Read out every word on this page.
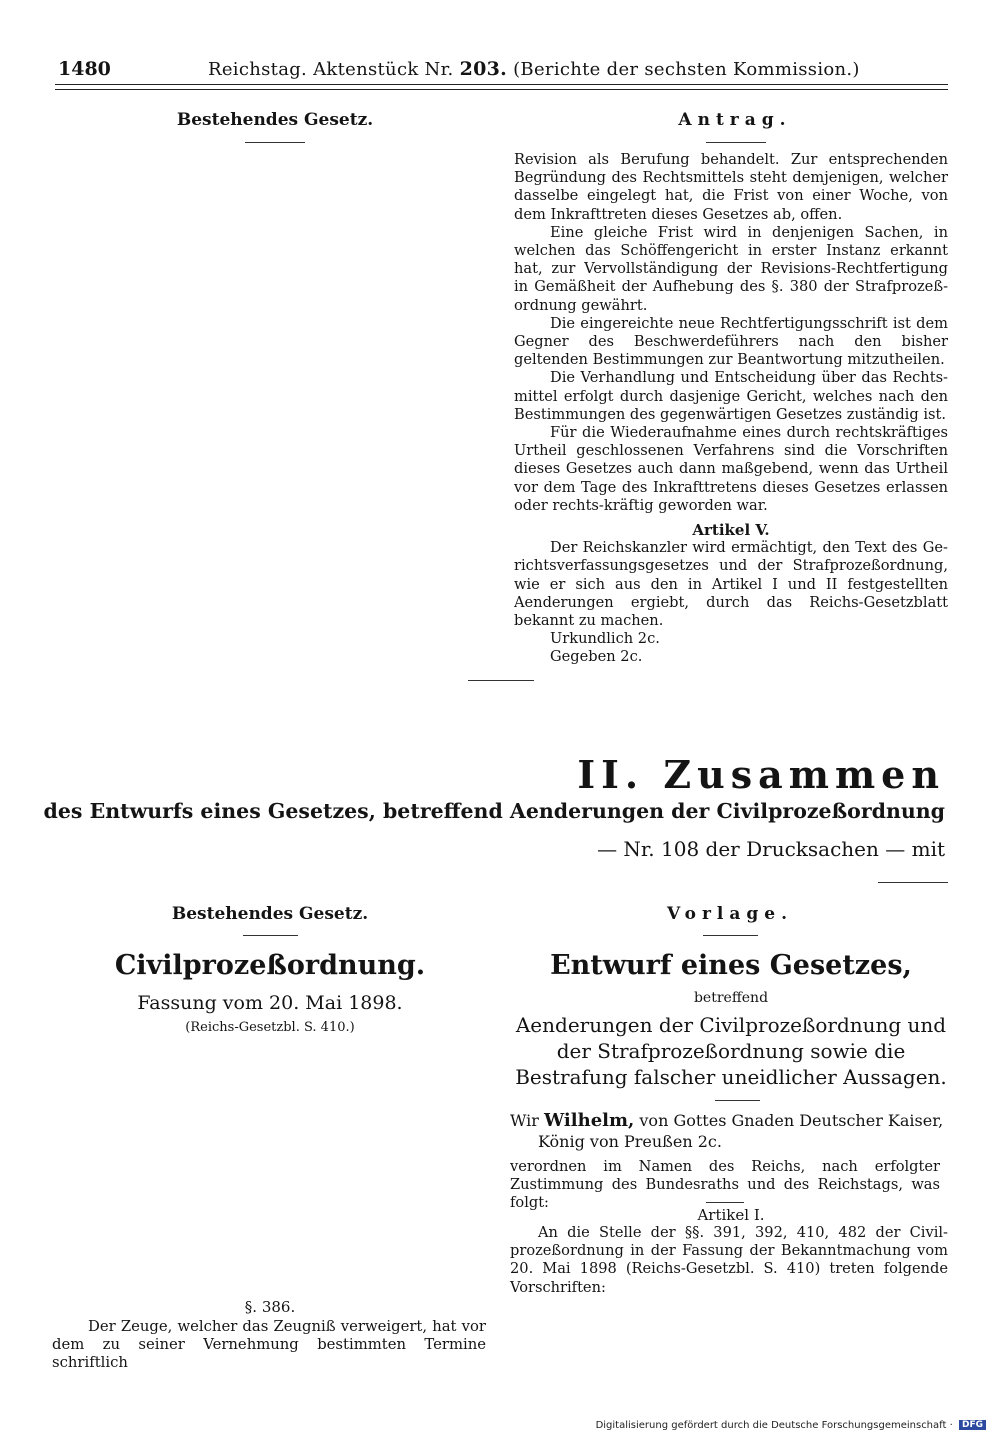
1480	Reichstag. Aktenstück Nr. 203. (Berichte der sechsten Kommission.)
Bestehendes Gesetz.	Antrag.

Revision als Berufung behandelt. Zur entsprechenden Begründung des Rechtsmittels steht demjenigen, welcher dasselbe eingelegt hat, die Frist von einer Woche, von dem Inkrafttreten dieses Gesetzes ab, offen.

Eine gleiche Frist wird in denjenigen Sachen, in welchen das Schöffengericht in erster Instanz erkannt hat, zur Vervollständigung der Revisions-Rechtfertigung in Gemäßheit der Aufhebung des §. 380 der Strafprozeß-ordnung gewährt.

Die eingereichte neue Rechtfertigungsschrift ist dem Gegner des Beschwerdeführers nach den bisher geltenden Bestimmungen zur Beantwortung mitzutheilen.

Die Verhandlung und Entscheidung über das Rechts-mittel erfolgt durch dasjenige Gericht, welches nach den Bestimmungen des gegenwärtigen Gesetzes zuständig ist.

Für die Wiederaufnahme eines durch rechtskräftiges Urtheil geschlossenen Verfahrens sind die Vorschriften dieses Gesetzes auch dann maßgebend, wenn das Urtheil vor dem Tage des Inkrafttretens dieses Gesetzes erlassen oder rechts-kräftig geworden war.

Artikel V.

Der Reichskanzler wird ermächtigt, den Text des Ge-richtsverfassungsgesetzes und der Strafprozeßordnung, wie er sich aus den in Artikel I und II festgestellten Aenderungen ergiebt, durch das Reichs-Gesetzblatt bekannt zu machen.

Urkundlich 2c.

Gegeben 2c.

II. Zusammen
des Entwurfs eines Gesetzes, betreffend Aenderungen der Civilprozeßordnung
— Nr. 108 der Drucksachen — mit
Bestehendes Gesetz.	Vorlage.
Civilprozeßordnung.
Fassung vom 20. Mai 1898.
(Reichs-Gesetzbl. S. 410.)
§. 386.
Der Zeuge, welcher das Zeugniß verweigert, hat vor dem zu seiner Vernehmung bestimmten Termine schriftlich
Entwurf eines Gesetzes,
betreffend
Aenderungen der Civilprozeßordnung und der Strafprozeßordnung sowie die Bestrafung falscher uneidlicher Aussagen.
Wir Wilhelm, von Gottes Gnaden Deutscher Kaiser,
König von Preußen 2c.
verordnen im Namen des Reichs, nach erfolgter Zustimmung des Bundesraths und des Reichstags, was folgt:
Artikel I.
An die Stelle der §§. 391, 392, 410, 482 der Civil-prozeßordnung in der Fassung der Bekanntmachung vom 20. Mai 1898 (Reichs-Gesetzbl. S. 410) treten folgende Vorschriften:
Digitalisierung gefördert durch die Deutsche Forschungsgemeinschaft · DFG
